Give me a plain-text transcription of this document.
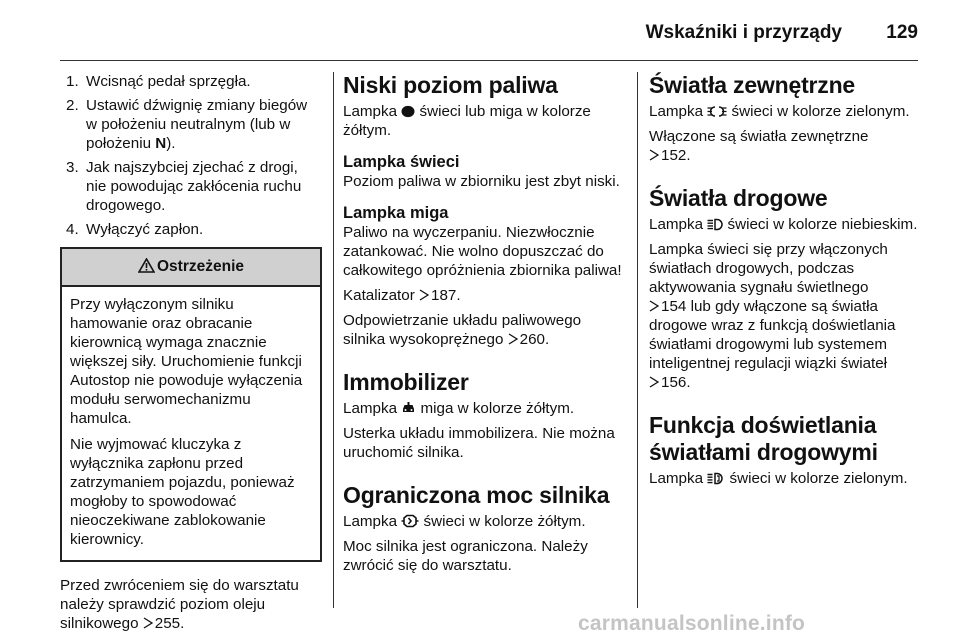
Wskaźniki i przyrządy 129
1. Wcisnąć pedał sprzęgła.
2. Ustawić dźwignię zmiany biegów w położeniu neutralnym (lub w położeniu N).
3. Jak najszybciej zjechać z drogi, nie powodując zakłócenia ruchu drogowego.
4. Wyłączyć zapłon.
Ostrzeżenie

Przy wyłączonym silniku hamowanie oraz obracanie kierownicą wymaga znacznie większej siły. Uruchomienie funkcji Autostop nie powoduje wyłączenia modułu serwomechanizmu hamulca.

Nie wyjmować kluczyka z wyłącznika zapłonu przed zatrzymaniem pojazdu, ponieważ mogłoby to spowodować nieoczekiwane zablokowanie kierownicy.

Przed zwróceniem się do warsztatu należy sprawdzić poziom oleju silnikowego 255.

Niski poziom paliwa

Lampka świeci lub miga w kolorze żółtym.

Lampka świeci

Poziom paliwa w zbiorniku jest zbyt niski.

Lampka miga

Paliwo na wyczerpaniu. Niezwłocznie zatankować. Nie wolno dopuszczać do całkowitego opróżnienia zbiornika paliwa!

Katalizator 187.

Odpowietrzanie układu paliwowego silnika wysokoprężnego 260.

Immobilizer

Lampka miga w kolorze żółtym.

Usterka układu immobilizera. Nie można uruchomić silnika.

Ograniczona moc silnika

Lampka świeci w kolorze żółtym.

Moc silnika jest ograniczona. Należy zwrócić się do warsztatu.

Światła zewnętrzne

Lampka świeci w kolorze zielonym.

Włączone są światła zewnętrzne
152.

Światła drogowe

Lampka świeci w kolorze niebieskim.

Lampka świeci się przy włączonych światłach drogowych, podczas aktywowania sygnału świetlnego
154 lub gdy włączone są światła drogowe wraz z funkcją doświetlania światłami drogowymi lub systemem inteligentnej regulacji wiązki świateł
156.

Funkcja doświetlania światłami drogowymi

Lampka świeci w kolorze zielonym.

carmanualsonline.info
